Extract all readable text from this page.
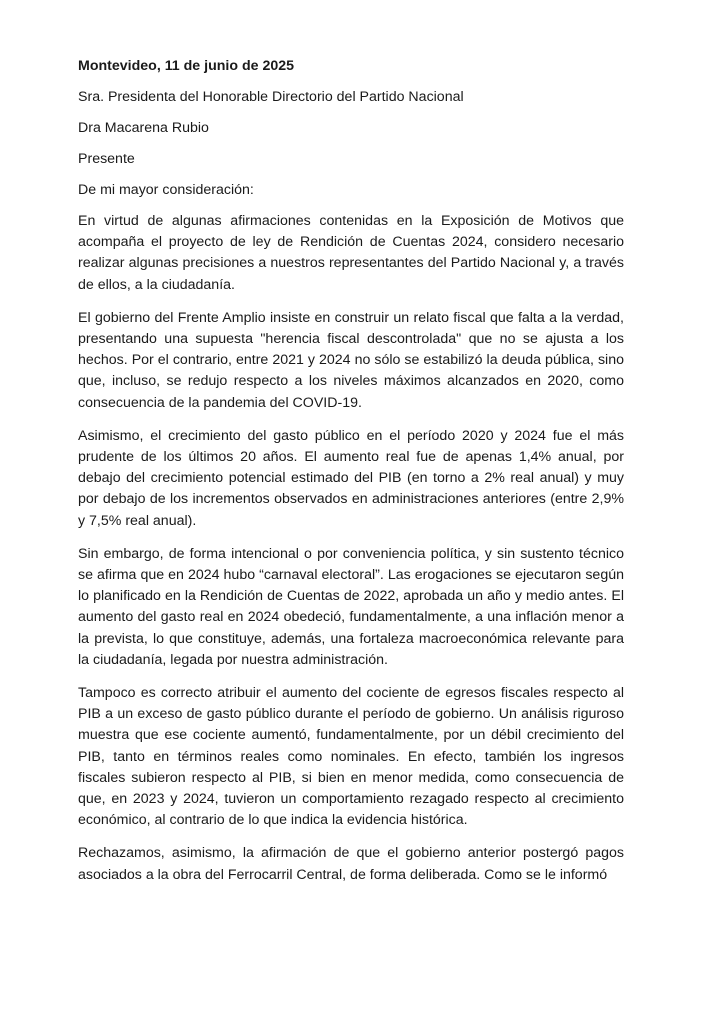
Montevideo, 11 de junio de 2025

Sra. Presidenta del Honorable Directorio del Partido Nacional

Dra Macarena Rubio

Presente

De mi mayor consideración:

En virtud de algunas afirmaciones contenidas en la Exposición de Motivos que acompaña el proyecto de ley de Rendición de Cuentas 2024, considero necesario realizar algunas precisiones a nuestros representantes del Partido Nacional y, a través de ellos, a la ciudadanía.

El gobierno del Frente Amplio insiste en construir un relato fiscal que falta a la verdad, presentando una supuesta "herencia fiscal descontrolada" que no se ajusta a los hechos. Por el contrario, entre 2021 y 2024 no sólo se estabilizó la deuda pública, sino que, incluso, se redujo respecto a los niveles máximos alcanzados en 2020, como consecuencia de la pandemia del COVID-19.

Asimismo, el crecimiento del gasto público en el período 2020 y 2024 fue el más prudente de los últimos 20 años. El aumento real fue de apenas 1,4% anual, por debajo del crecimiento potencial estimado del PIB (en torno a 2% real anual) y muy por debajo de los incrementos observados en administraciones anteriores (entre 2,9% y 7,5% real anual).

Sin embargo, de forma intencional o por conveniencia política, y sin sustento técnico se afirma que en 2024 hubo “carnaval electoral”. Las erogaciones se ejecutaron según lo planificado en la Rendición de Cuentas de 2022, aprobada un año y medio antes. El aumento del gasto real en 2024 obedeció, fundamentalmente, a una inflación menor a la prevista, lo que constituye, además, una fortaleza macroeconómica relevante para la ciudadanía, legada por nuestra administración.

Tampoco es correcto atribuir el aumento del cociente de egresos fiscales respecto al PIB a un exceso de gasto público durante el período de gobierno. Un análisis riguroso muestra que ese cociente aumentó, fundamentalmente, por un débil crecimiento del PIB, tanto en términos reales como nominales. En efecto, también los ingresos fiscales subieron respecto al PIB, si bien en menor medida, como consecuencia de que, en 2023 y 2024, tuvieron un comportamiento rezagado respecto al crecimiento económico, al contrario de lo que indica la evidencia histórica.

Rechazamos, asimismo, la afirmación de que el gobierno anterior postergó pagos asociados a la obra del Ferrocarril Central, de forma deliberada. Como se le informó
